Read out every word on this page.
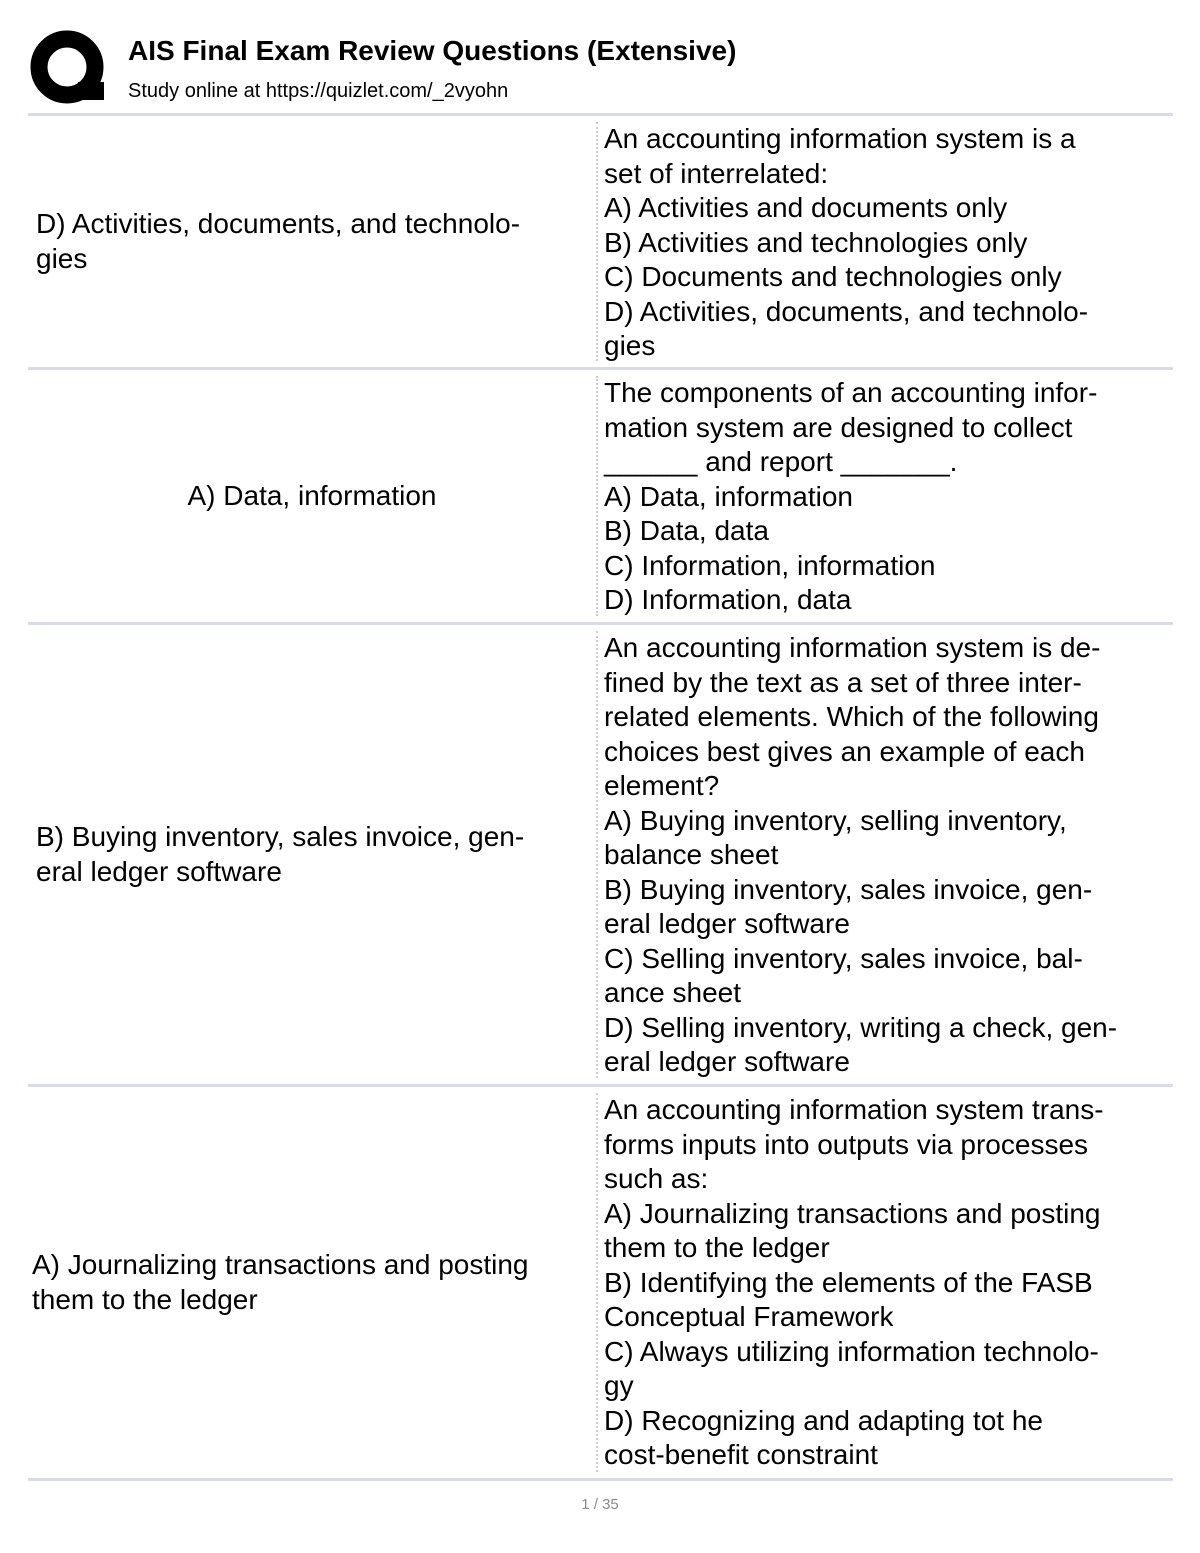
AIS Final Exam Review Questions (Extensive)
Study online at https://quizlet.com/_2vyohn
D) Activities, documents, and technolo-
gies
An accounting information system is a
set of interrelated:
A) Activities and documents only
B) Activities and technologies only
C) Documents and technologies only
D) Activities, documents, and technolo-
gies
A) Data, information
The components of an accounting infor-
mation system are designed to collect
______ and report _______.
A) Data, information
B) Data, data
C) Information, information
D) Information, data
B) Buying inventory, sales invoice, gen-
eral ledger software
An accounting information system is de-
fined by the text as a set of three inter-
related elements. Which of the following
choices best gives an example of each
element?
A) Buying inventory, selling inventory,
balance sheet
B) Buying inventory, sales invoice, gen-
eral ledger software
C) Selling inventory, sales invoice, bal-
ance sheet
D) Selling inventory, writing a check, gen-
eral ledger software
A) Journalizing transactions and posting
them to the ledger
An accounting information system trans-
forms inputs into outputs via processes
such as:
A) Journalizing transactions and posting
them to the ledger
B) Identifying the elements of the FASB
Conceptual Framework
C) Always utilizing information technolo-
gy
D) Recognizing and adapting tot he
cost-benefit constraint
1 / 35
